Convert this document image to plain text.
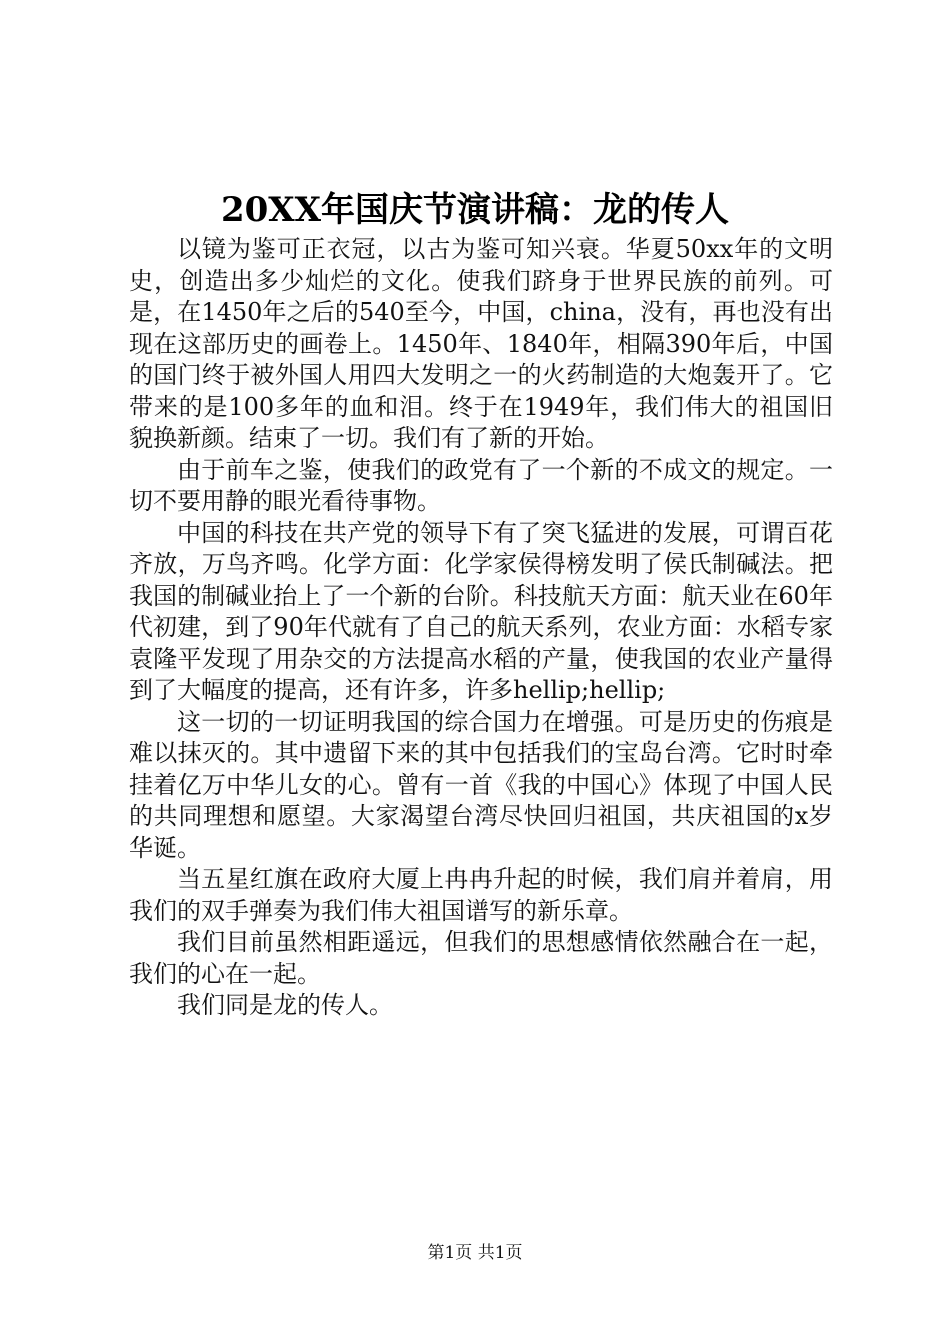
20XX年国庆节演讲稿：龙的传人

以镜为鉴可正衣冠，以古为鉴可知兴衰。华夏50xx年的文明史，创造出多少灿烂的文化。使我们跻身于世界民族的前列。可是，在1450年之后的540至今，中国，china，没有，再也没有出现在这部历史的画卷上。1450年、1840年，相隔390年后，中国的国门终于被外国人用四大发明之一的火药制造的大炮轰开了。它带来的是100多年的血和泪。终于在1949年，我们伟大的祖国旧貌换新颜。结束了一切。我们有了新的开始。

由于前车之鉴，使我们的政党有了一个新的不成文的规定。一切不要用静的眼光看待事物。

中国的科技在共产党的领导下有了突飞猛进的发展，可谓百花齐放，万鸟齐鸣。化学方面：化学家侯得榜发明了侯氏制碱法。把我国的制碱业抬上了一个新的台阶。科技航天方面：航天业在60年代初建，到了90年代就有了自己的航天系列，农业方面：水稻专家袁隆平发现了用杂交的方法提高水稻的产量，使我国的农业产量得到了大幅度的提高，还有许多，许多hellip;hellip;

这一切的一切证明我国的综合国力在增强。可是历史的伤痕是难以抹灭的。其中遗留下来的其中包括我们的宝岛台湾。它时时牵挂着亿万中华儿女的心。曾有一首《我的中国心》体现了中国人民的共同理想和愿望。大家渴望台湾尽快回归祖国，共庆祖国的x岁华诞。

当五星红旗在政府大厦上冉冉升起的时候，我们肩并着肩，用我们的双手弹奏为我们伟大祖国谱写的新乐章。

我们目前虽然相距遥远，但我们的思想感情依然融合在一起，我们的心在一起。

我们同是龙的传人。

第1页 共1页
